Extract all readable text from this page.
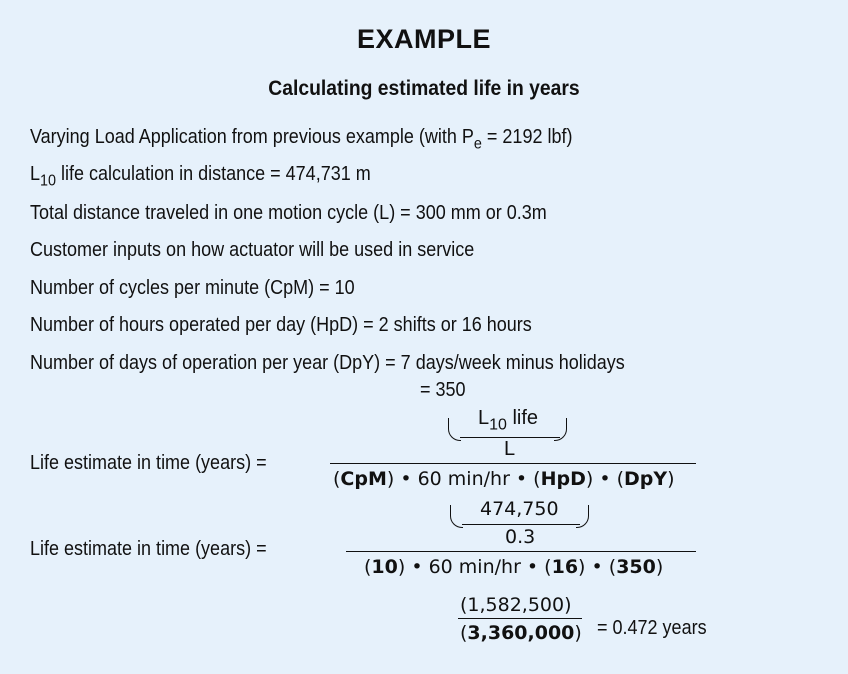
EXAMPLE
Calculating estimated life in years
Varying Load Application from previous example (with $P_e = 2192$ lbf)
$L_{10}$ life calculation in distance = 474,731 m
Total distance traveled in one motion cycle (L) = 300 mm or 0.3m
Customer inputs on how actuator will be used in service
Number of cycles per minute (CpM) = 10
Number of hours operated per day (HpD) = 2 shifts or 16 hours
Number of days of operation per year (DpY) = 7 days/week minus holidays
= 350
Life estimate in time (years) =
$L_{10}$ life
L
(CpM) • 60 min/hr • (HpD) • (DpY)
Life estimate in time (years) =
474,750
0.3
(10) • 60 min/hr • (16) • (350)
(1,582,500)
(3,360,000) = 0.472 years
